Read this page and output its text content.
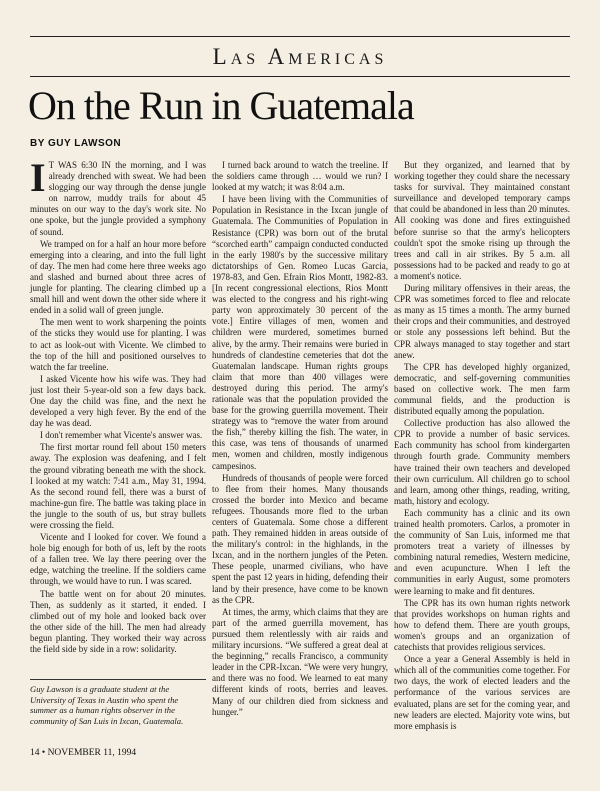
Las Americas
On the Run in Guatemala
BY GUY LAWSON

I T WAS 6:30 IN the morning, and I was already drenched with sweat. We had been slogging our way through the dense jungle on narrow, muddy trails for about 45 minutes on our way to the day's work site. No one spoke, but the jungle provided a symphony of sound.

We tramped on for a half an hour more before emerging into a clearing, and into the full light of day. The men had come here three weeks ago and slashed and burned about three acres of jungle for planting. The clearing climbed up a small hill and went down the other side where it ended in a solid wall of green jungle.

The men went to work sharpening the points of the sticks they would use for planting. I was to act as look-out with Vicente. We climbed to the top of the hill and positioned ourselves to watch the far treeline.

I asked Vicente how his wife was. They had just lost their 5-year-old son a few days back. One day the child was fine, and the next he developed a very high fever. By the end of the day he was dead.

I don't remember what Vicente's answer was.

The first mortar round fell about 150 meters away. The explosion was deafening, and I felt the ground vibrating beneath me with the shock. I looked at my watch: 7:41 a.m., May 31, 1994. As the second round fell, there was a burst of machine-gun fire. The battle was taking place in the jungle to the south of us, but stray bullets were crossing the field.

Vicente and I looked for cover. We found a hole big enough for both of us, left by the roots of a fallen tree. We lay there peering over the edge, watching the treeline. If the soldiers came through, we would have to run. I was scared.

The battle went on for about 20 minutes. Then, as suddenly as it started, it ended. I climbed out of my hole and looked back over the other side of the hill. The men had already begun planting. They worked their way across the field side by side in a row: solidarity.

I turned back around to watch the treeline. If the soldiers came through … would we run? I looked at my watch; it was 8:04 a.m.

I have been living with the Communities of Population in Resistance in the Ixcan jungle of Guatemala. The Communities of Population in Resistance (CPR) was born out of the brutal “scorched earth” campaign conducted conducted in the early 1980's by the successive military dictatorships of Gen. Romeo Lucas Garcia, 1978-83, and Gen. Efrain Rios Montt, 1982-83. [In recent congressional elections, Rios Montt was elected to the congress and his right-wing party won approximately 30 percent of the vote.] Entire villages of men, women and children were murdered, sometimes burned alive, by the army. Their remains were buried in hundreds of clandestine cemeteries that dot the Guatemalan landscape. Human rights groups claim that more than 400 villages were destroyed during this period. The army's rationale was that the population provided the base for the growing guerrilla movement. Their strategy was to “remove the water from around the fish,” thereby killing the fish. The water, in this case, was tens of thousands of unarmed men, women and children, mostly indigenous campesinos.

Hundreds of thousands of people were forced to flee from their homes. Many thousands crossed the border into Mexico and became refugees. Thousands more fled to the urban centers of Guatemala. Some chose a different path. They remained hidden in areas outside of the military's control: in the highlands, in the Ixcan, and in the northern jungles of the Peten. These people, unarmed civilians, who have spent the past 12 years in hiding, defending their land by their presence, have come to be known as the CPR.

At times, the army, which claims that they are part of the armed guerrilla movement, has pursued them relentlessly with air raids and military incursions. “We suffered a great deal at the beginning,” recalls Francisco, a community leader in the CPR-Ixcan. “We were very hungry, and there was no food. We learned to eat many different kinds of roots, berries and leaves. Many of our children died from sickness and hunger.”

But they organized, and learned that by working together they could share the necessary tasks for survival. They maintained constant surveillance and developed temporary camps that could be abandoned in less than 20 minutes. All cooking was done and fires extinguished before sunrise so that the army's helicopters couldn't spot the smoke rising up through the trees and call in air strikes. By 5 a.m. all possessions had to be packed and ready to go at a moment's notice.

During military offensives in their areas, the CPR was sometimes forced to flee and relocate as many as 15 times a month. The army burned their crops and their communities, and destroyed or stole any possessions left behind. But the CPR always managed to stay together and start anew.

The CPR has developed highly organized, democratic, and self-governing communities based on collective work. The men farm communal fields, and the production is distributed equally among the population.

Collective production has also allowed the CPR to provide a number of basic services. Each community has school from kindergarten through fourth grade. Community members have trained their own teachers and developed their own curriculum. All children go to school and learn, among other things, reading, writing, math, history and ecology.

Each community has a clinic and its own trained health promoters. Carlos, a promoter in the community of San Luis, informed me that promoters treat a variety of illnesses by combining natural remedies, Western medicine, and even acupuncture. When I left the communities in early August, some promoters were learning to make and fit dentures.

The CPR has its own human rights network that provides workshops on human rights and how to defend them. There are youth groups, women's groups and an organization of catechists that provides religious services.

Once a year a General Assembly is held in which all of the communities come together. For two days, the work of elected leaders and the performance of the various services are evaluated, plans are set for the coming year, and new leaders are elected. Majority vote wins, but more emphasis is

Guy Lawson is a graduate student at the University of Texas in Austin who spent the summer as a human rights observer in the community of San Luis in Ixcan, Guatemala.
14 • NOVEMBER 11, 1994
